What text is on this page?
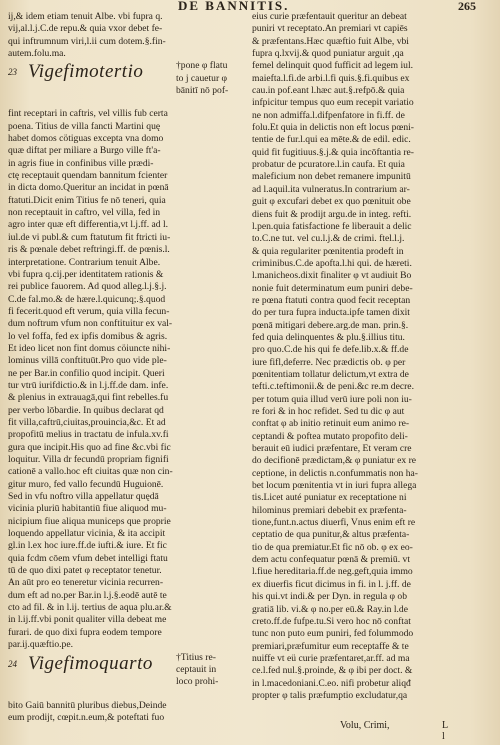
DE BANNITIS.	265
ij,& idem etiam tenuit Albe. vbi fupra q.
vij,al.l.j.C.de repu.& quia vxor debet fe-
qui inftrumnum viri,l.ii cum dotem.§.fin-
autem.folu.ma.
23 Vigefimotertio	†pone φ flatu
to j cauetur φ
bānitī nō pof-
fint receptari in caftris, vel villis fub certa
poena. Titius de villa fancti Martini quę
habet domos cötiguas excepta vna domo
quæ diftat per miliare a Burgo ville ft'a-
in agris fiue in confinibus ville prædi-
ctę receptauit quendam bannitum fcienter
in dicta domo.Queritur an incidat in pœnā
ftatuti.Dicit enim Titius fe nō teneri, quia
non receptauit in caftro, vel villa, fed in
agro inter quæ eft differentia,vt l.j.ff. ad l.
iul.de vi publ.& cum ftatutum fit ftricti iu-
ris & pœnale debet reftringi.ff. de pœnis.l.
interpretatione. Contrarium tenuit Albe.
vbi fupra q.cij.per identitatem rationis &
rei publice fauorem. Ad quod alleg.l.j.§.j.
C.de fal.mo.& de hære.l.quicunq;.§.quod
fi fecerit.quod eft verum, quia villa fecun-
dum noftrum vfum non conftituitur ex val-
lo vel foffa, fed ex ipfis domibus & agris.
Et ideo licet non fint domus cöiuncte nihi-
lominus villā conftituūt.Pro quo vide ple-
ne per Bar.in confilio quod incipit. Queri
tur vtrū iurifdictio.& in l.j.ff.de dam. infe.
& plenius in extrauagā,qui fint rebelles.fu
per verbo lōbardie. In quibus declarat qd
fit villa,caftrū,ciuitas,prouincia,&c. Et ad
propofitū melius in tractatu de infula.xv.fi
gura que incipit.His quo ad fine &c.vbi fic
loquitur. Villa dr fecundū propriam fignifi
cationē a vallo.hoc eft ciuitas quæ non cin-
gitur muro, fed vallo fecundū Huguionē.
Sed in vfu noftro villa appellatur quędā
vicinia pluriū habitantiū fiue aliquod mu-
nicipium fiue aliqua municeps que proprie
loquendo appellatur vicinia, & ita accipit
gl.in l.ex hoc iure.ff.de iufti.& iure. Et fic
quia fcdm cōem vfum debet intelligi ftatu
tū de quo dixi patet φ receptator tenetur.
An aūt pro eo teneretur vicinia recurren-
dum eft ad no.per Bar.in l.j.§.eodē autē te
cto ad fil. & in l.ij. tertius de aqua plu.ar.&
in l.ij.ff.vbi ponit qualiter villa debeat me
furari. de quo dixi fupra eodem tempore
par.ij.quæftio.pe.
24 Vigefimoquarto †Titius re-
ceptauit in
loco prohi-
bito Gaiū bannitū pluribus diebus,Deinde
eum prodijt, cœpit.n.eum,& poteftati fuo
eius curie præfentauit queritur an debeat
puniri vt receptato.An premiari vt capiēs
& præfentans.Hæc quæftio fuit Albe, vbi
fupra q.lxvij.& quod puniatur arguit ,qa
femel delinquit quod fufficit ad legem iul.
maiefta.l.fi.de arbi.l.fi quis.§.fi.quibus ex
cau.in pof.eant l.hæc aut.§.refpō.& quia
infpicitur tempus quo eum recepit variatio
ne non admiffa.l.difpenfatore in fi.ff. de
folu.Et quia in delictis non eft locus pœni-
tentie de fur.l.qui ea mēte.& de edil. edic.
quid fit fugitiuus.§.j.& quia incōftantia re-
probatur de pcuratore.l.in caufa. Et quia
maleficium non debet remanere impunitū
ad l.aquil.ita vulneratus.In contrarium ar-
guit φ excufari debet ex quo pœnituit obe
diens fuit & prodijt argu.de in integ. refti.
l.pen.quia fatisfactione fe liberauit a delic
to.C.ne tut. vel cu.l.j.& de crimi. ftel.l.j.
& quia regulariter pœnitentia prodeft in
criminibus.C.de apofta.l.hi qui. de hæreti.
l.manicheos.dixit finaliter φ vt audiuit Bo
nonie fuit determinatum eum puniri debe-
re pœna ftatuti contra quod fecit receptan
do per tura fupra inducta.ipfe tamen dixit
pœnā mitigari debere.arg.de man. prin.§.
fed quia delinquentes & plu.§.illius titu.
pro quo.C.de his qui fe defe.lib.x.& ff.de
iure fifl,deferre. Nec prædictis ob. φ per
pœnitentiam tollatur delictum,vt extra de
tefti.c.teftimonii.& de peni.&c re.m decre.
per totum quia illud verū iure poli non iu-
re fori & in hoc refidet. Sed tu dic φ aut
conftat φ ab initio retinuit eum animo re-
ceptandi & poftea mutato propofito deli-
berauit eū iudici præfentare, Et veram cre
do decifionē prædictam,& φ puniatur ex re
ceptione, in delictis n.confummatis non ha-
bet locum pœnitentia vt in iuri fupra allega
tis.Licet auté puniatur ex receptatione ni
hilominus premiari debebit ex præfenta-
tione,funt.n.actus diuerfi, Vnus enim eft re
ceptatio de qua punitur,& altus præfenta-
tio de qua premiatur.Et fic nō ob. φ ex eo-
dem actu confequatur pœnā & premiū. vt
l.fiue hereditaria.ff.de neg.geft,quia immo
ex diuerfis ficut dicimus in fi. in l. j.ff. de
his qui.vt indi.& per Dyn. in regula φ ob
gratiā lib. vi.& φ no.per eū.& Ray.in l.de
creto.ff.de fufpe.tu.Si vero hoc nō conftat
tunc non puto eum puniri, fed folummodo
premiari,præfumitur eum receptaffe & te
nuiffe vt eü curie præfentaret,ar.ff. ad ma
ce.l.fed nul.§.proinde, & φ ibi per doct. &
in l.macedoniani.C.eo. nifi probetur aliqđ
propter φ talis præfumptio excludatur,qa
Volu, Crimi,	L l
